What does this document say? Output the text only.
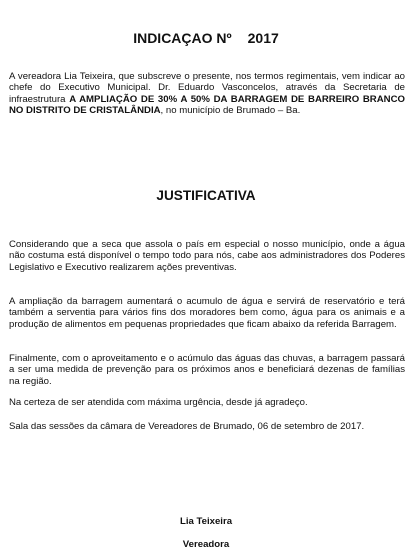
INDICAÇAO Nº 2017

A vereadora Lia Teixeira, que subscreve o presente, nos termos regimentais, vem indicar ao chefe do Executivo Municipal. Dr. Eduardo Vasconcelos, através da Secretaria de infraestrutura A AMPLIAÇÃO DE 30% A 50% DA BARRAGEM DE BARREIRO BRANCO NO DISTRITO DE CRISTALÂNDIA, no município de Brumado – Ba.

JUSTIFICATIVA

Considerando que a seca que assola o país em especial o nosso município, onde a água não costuma está disponível o tempo todo para nós, cabe aos administradores dos Poderes Legislativo e Executivo realizarem ações preventivas.

A ampliação da barragem aumentará o acumulo de água e servirá de reservatório e terá também a serventia para vários fins dos moradores bem como, água para os animais e a produção de alimentos em pequenas propriedades que ficam abaixo da referida Barragem.

Finalmente, com o aproveitamento e o acúmulo das águas das chuvas, a barragem passará a ser uma medida de prevenção para os próximos anos e beneficiará dezenas de famílias na região.

Na certeza de ser atendida com máxima urgência, desde já agradeço.

Sala das sessões da câmara de Vereadores de Brumado, 06 de setembro de 2017.

Lia Teixeira
Vereadora
